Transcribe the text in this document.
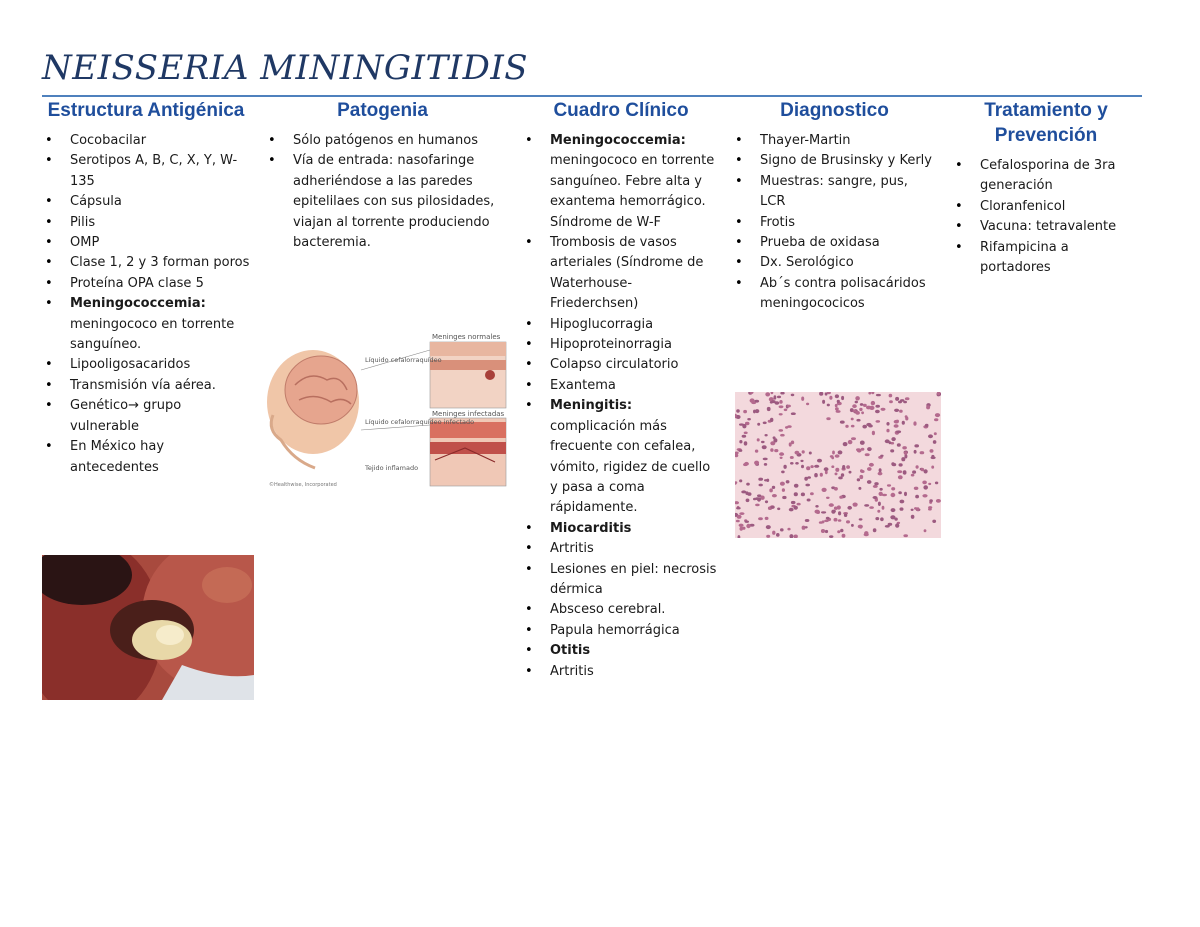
NEISSERIA MININGITIDIS
Estructura Antigénica
• Cocobacilar
• Serotipos A, B, C, X, Y, W-135
• Cápsula
• Pilis
• OMP
• Clase 1, 2 y 3 forman poros
• Proteína OPA clase 5
• Meningococcemia: meningococo en torrente sanguíneo.
• Lipooligosacaridos
• Transmisión vía aérea.
• Genético→ grupo vulnerable
• En México hay antecedentes
Patogenia
• Sólo patógenos en humanos
• Vía de entrada: nasofaringe adheriéndose a las paredes epitelilaes con sus pilosidades, viajan al torrente produciendo bacteremia.
Cuadro Clínico
• Meningococcemia: meningococo en torrente sanguíneo. Febre alta y exantema hemorrágico. Síndrome de W-F
• Trombosis de vasos arteriales (Síndrome de Waterhouse-Friederchsen)
• Hipoglucorragia
• Hipoproteinorragia
• Colapso circulatorio
• Exantema
• Meningitis: complicación más frecuente con cefalea, vómito, rigidez de cuello y pasa a coma rápidamente.
• Miocarditis
• Artritis
• Lesiones en piel: necrosis dérmica
• Absceso cerebral.
• Papula hemorrágica
• Otitis
• Artritis
Diagnostico
• Thayer-Martin
• Signo de Brusinsky y Kerly
• Muestras: sangre, pus, LCR
• Frotis
• Prueba de oxidasa
• Dx. Serológico
• Ab´s contra polisacáridos meningococicos
Tratamiento y Prevención
• Cefalosporina de 3ra generación
• Cloranfenicol
• Vacuna: tetravalente
• Rifampicina a portadores
Meninges normales
Líquido cefalorraquídeo
Meninges infectadas
Líquido cefalorraquídeo infectado
Tejido inflamado
©Healthwise, Incorporated
